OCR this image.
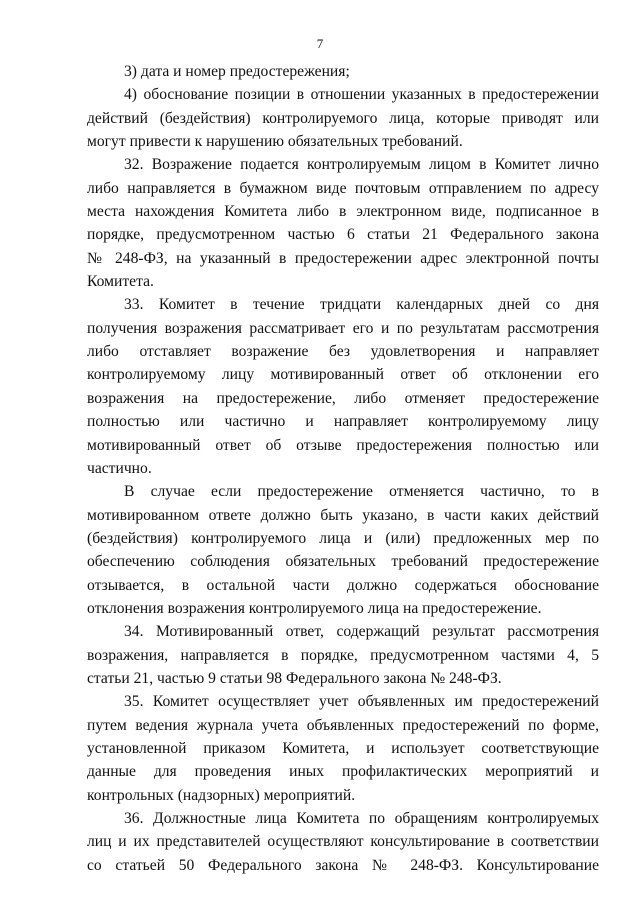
7
3) дата и номер предостережения;
4) обоснование позиции в отношении указанных в предостережении
действий (бездействия) контролируемого лица, которые приводят или
могут привести к нарушению обязательных требований.
32. Возражение подается контролируемым лицом в Комитет лично
либо направляется в бумажном виде почтовым отправлением по адресу
места нахождения Комитета либо в электронном виде, подписанное в
порядке, предусмотренном частью 6 статьи 21 Федерального закона
№ 248-ФЗ, на указанный в предостережении адрес электронной почты
Комитета.
33. Комитет в течение тридцати календарных дней со дня
получения возражения рассматривает его и по результатам рассмотрения
либо отставляет возражение без удовлетворения и направляет
контролируемому лицу мотивированный ответ об отклонении его
возражения на предостережение, либо отменяет предостережение
полностью или частично и направляет контролируемому лицу
мотивированный ответ об отзыве предостережения полностью или
частично.
В случае если предостережение отменяется частично, то в
мотивированном ответе должно быть указано, в части каких действий
(бездействия) контролируемого лица и (или) предложенных мер по
обеспечению соблюдения обязательных требований предостережение
отзывается, в остальной части должно содержаться обоснование
отклонения возражения контролируемого лица на предостережение.
34. Мотивированный ответ, содержащий результат рассмотрения
возражения, направляется в порядке, предусмотренном частями 4, 5
статьи 21, частью 9 статьи 98 Федерального закона № 248-ФЗ.
35. Комитет осуществляет учет объявленных им предостережений
путем ведения журнала учета объявленных предостережений по форме,
установленной приказом Комитета, и использует соответствующие
данные для проведения иных профилактических мероприятий и
контрольных (надзорных) мероприятий.
36. Должностные лица Комитета по обращениям контролируемых
лиц и их представителей осуществляют консультирование в соответствии
со статьей 50 Федерального закона № 248-ФЗ. Консультирование
